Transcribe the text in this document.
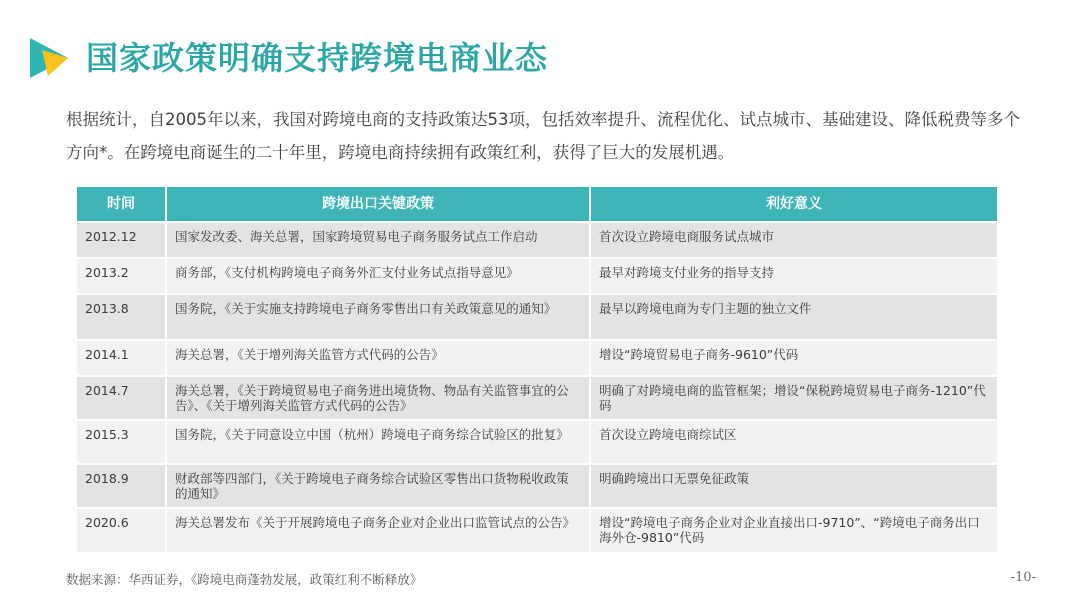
国家政策明确支持跨境电商业态
根据统计，自2005年以来，我国对跨境电商的支持政策达53项，包括效率提升、流程优化、试点城市、基础建设、降低税费等多个方向*。在跨境电商诞生的二十年里，跨境电商持续拥有政策红利，获得了巨大的发展机遇。
时间	跨境出口关键政策	利好意义
2012.12	国家发改委、海关总署，国家跨境贸易电子商务服务试点工作启动	首次设立跨境电商服务试点城市
2013.2	商务部，《支付机构跨境电子商务外汇支付业务试点指导意见》	最早对跨境支付业务的指导支持
2013.8	国务院，《关于实施支持跨境电子商务零售出口有关政策意见的通知》	最早以跨境电商为专门主题的独立文件
2014.1	海关总署，《关于增列海关监管方式代码的公告》	增设“跨境贸易电子商务-9610”代码
2014.7	海关总署，《关于跨境贸易电子商务进出境货物、物品有关监管事宜的公告》、《关于增列海关监管方式代码的公告》	明确了对跨境电商的监管框架；增设“保税跨境贸易电子商务-1210”代码
2015.3	国务院，《关于同意设立中国（杭州）跨境电子商务综合试验区的批复》	首次设立跨境电商综试区
2018.9	财政部等四部门，《关于跨境电子商务综合试验区零售出口货物税收政策的通知》	明确跨境出口无票免征政策
2020.6	海关总署发布《关于开展跨境电子商务企业对企业出口监管试点的公告》	增设“跨境电子商务企业对企业直接出口-9710”、“跨境电子商务出口海外仓-9810”代码
数据来源：华西证券，《跨境电商蓬勃发展，政策红利不断释放》	-10-
